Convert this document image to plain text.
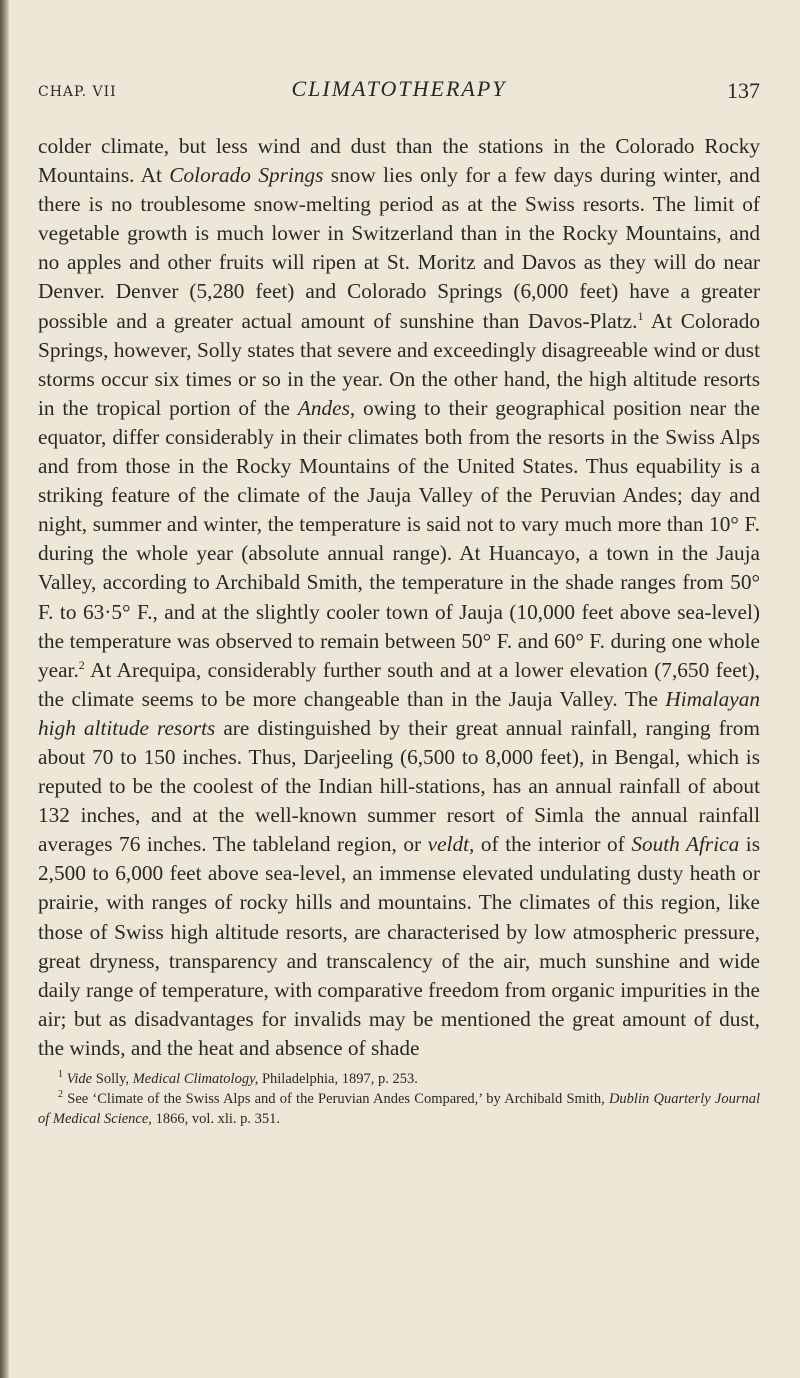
CHAP. VII	CLIMATOTHERAPY	137

colder climate, but less wind and dust than the stations in the Colorado Rocky Mountains. At Colorado Springs snow lies only for a few days during winter, and there is no troublesome snow-melting period as at the Swiss resorts. The limit of vegetable growth is much lower in Switzerland than in the Rocky Mountains, and no apples and other fruits will ripen at St. Moritz and Davos as they will do near Denver. Denver (5,280 feet) and Colorado Springs (6,000 feet) have a greater possible and a greater actual amount of sunshine than Davos-Platz.$^1$ At Colorado Springs, however, Solly states that severe and exceedingly disagreeable wind or dust storms occur six times or so in the year. On the other hand, the high altitude resorts in the tropical portion of the Andes, owing to their geographical position near the equator, differ considerably in their climates both from the resorts in the Swiss Alps and from those in the Rocky Mountains of the United States. Thus equability is a striking feature of the climate of the Jauja Valley of the Peruvian Andes; day and night, summer and winter, the temperature is said not to vary much more than 10° F. during the whole year (absolute annual range). At Huancayo, a town in the Jauja Valley, according to Archibald Smith, the temperature in the shade ranges from 50° F. to 63·5° F., and at the slightly cooler town of Jauja (10,000 feet above sea-level) the temperature was observed to remain between 50° F. and 60° F. during one whole year.$^2$ At Arequipa, considerably further south and at a lower elevation (7,650 feet), the climate seems to be more changeable than in the Jauja Valley. The Himalayan high altitude resorts are distinguished by their great annual rainfall, ranging from about 70 to 150 inches. Thus, Darjeeling (6,500 to 8,000 feet), in Bengal, which is reputed to be the coolest of the Indian hill-stations, has an annual rainfall of about 132 inches, and at the well-known summer resort of Simla the annual rainfall averages 76 inches. The tableland region, or veldt, of the interior of South Africa is 2,500 to 6,000 feet above sea-level, an immense elevated undulating dusty heath or prairie, with ranges of rocky hills and mountains. The climates of this region, like those of Swiss high altitude resorts, are characterised by low atmospheric pressure, great dryness, transparency and transcalency of the air, much sunshine and wide daily range of temperature, with comparative freedom from organic impurities in the air; but as disadvantages for invalids may be mentioned the great amount of dust, the winds, and the heat and absence of shade

$^1$ Vide Solly, Medical Climatology, Philadelphia, 1897, p. 253.

$^2$ See ‘Climate of the Swiss Alps and of the Peruvian Andes Compared,’ by Archibald Smith, Dublin Quarterly Journal of Medical Science, 1866, vol. xli. p. 351.
